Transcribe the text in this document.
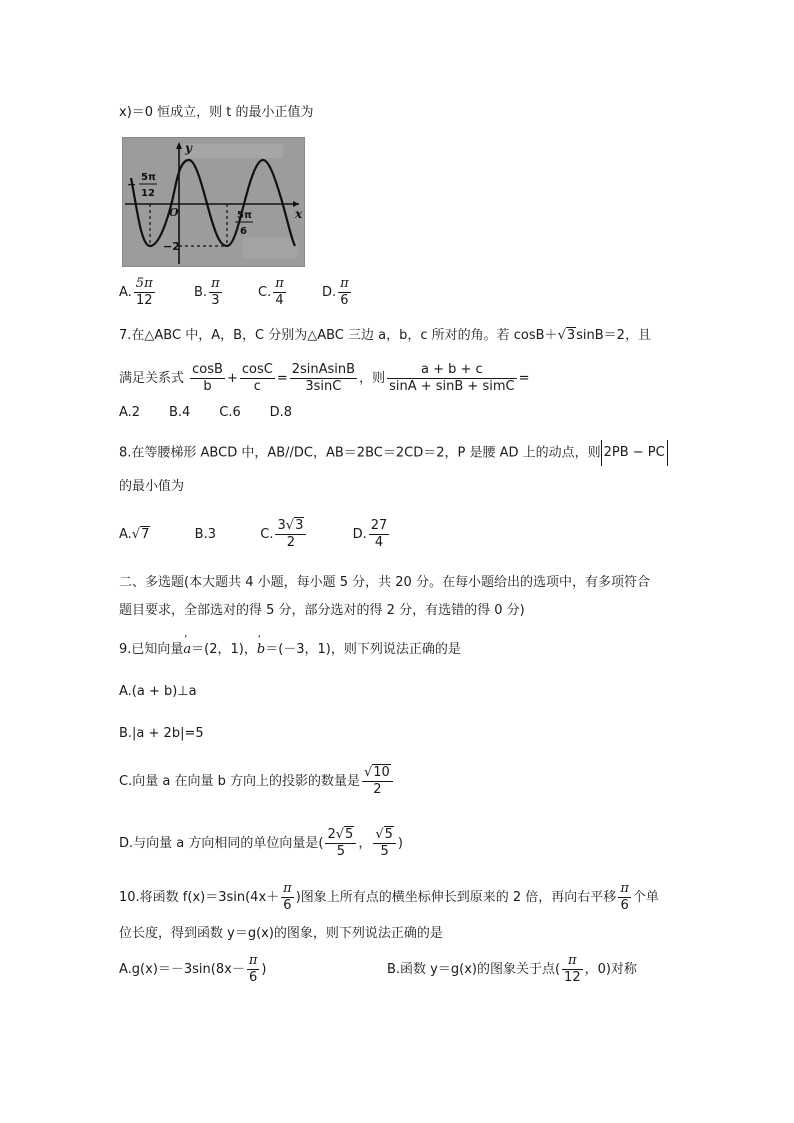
x)＝0 恒成立，则 t 的最小正值为
y
x
O
−
5π
12
5π
6
−2
A. $\frac{5\pi}{12}$	B. $\frac{\pi}{3}$	C. $\frac{\pi}{4}$	D. $\frac{\pi}{6}$
7.在△ABC 中，A，B，C 分别为△ABC 三边 a，b，c 所对的角。若 cosB＋√3sinB＝2，且
满足关系式 $\frac{\cos B}{b} + \frac{\cos C}{c} = \frac{\text{2sinAsinB}}{3\sin C}$ ，则 $\frac{a + b + c}{\text{sinA + sinB + simC}}$ =
A.2       B.4       C.6       D.8
8.在等腰梯形 ABCD 中，AB//DC，AB＝2BC＝2CD＝2，P 是腰 AD 上的动点，则 2PB − PC
的最小值为
A.√7	B.3	C. $\frac{3√3}{2}$	D. $\frac{27}{4}$
二、多选题(本大题共 4 小题，每小题 5 分，共 20 分。在每小题给出的选项中，有多项符合
题目要求，全部选对的得 5 分，部分选对的得 2 分，有选错的得 0 分)
9.已知向量ˈ a＝(2，1)，ˈ b＝(－3，1)，则下列说法正确的是
A.(a + b)⊥a
B.|a + 2b|=5
C.向量 a 在向量 b 方向上的投影的数量是 $\frac{√10}{2}$
D.与向量 a 方向相同的单位向量是( $\frac{2√5}{5}$ ， $\frac{√5}{5}$ )
10.将函数 $f(x)=3\sin(4x+ \frac{\pi}{6}$ )图象上所有点的横坐标伸长到原来的 2 倍，再向右平移 $\frac{\pi}{6}$ 个单
位长度，得到函数 y＝g(x)的图象，则下列说法正确的是
$A.g(x)=-3\sin(8x- \frac{\pi}{6}$ )	B.函数 y＝g(x)的图象关于点( $\frac{\pi}{12}$ ，0)对称
